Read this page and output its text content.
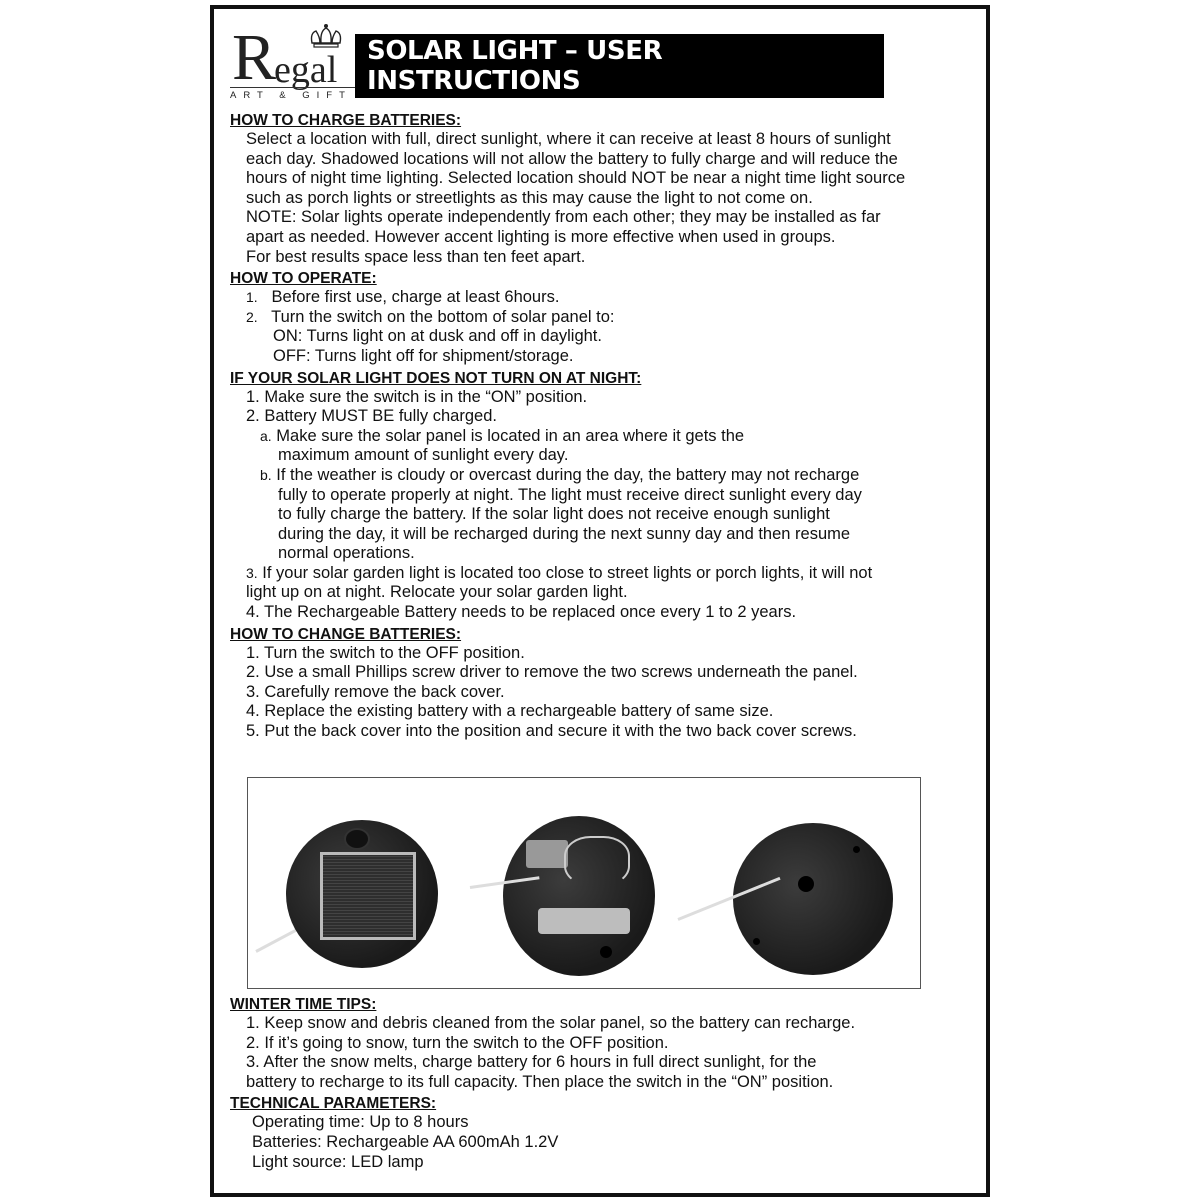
R egal
ART & GIFT
SOLAR LIGHT – USER INSTRUCTIONS

HOW TO CHARGE BATTERIES:

Select a location with full, direct sunlight, where it can receive at least 8 hours of sunlight

each day. Shadowed locations will not allow the battery to fully charge and will reduce the

hours of night time lighting. Selected location should NOT be near a night time light source

such as porch lights or streetlights as this may cause the light to not come on.

NOTE: Solar lights operate independently from each other; they may be installed as far

apart as needed. However accent lighting is more effective when used in groups.

For best results space less than ten feet apart.

HOW TO OPERATE:

1. Before first use, charge at least 6hours.

2. Turn the switch on the bottom of solar panel to:

ON: Turns light on at dusk and off in daylight.

OFF: Turns light off for shipment/storage.

IF YOUR SOLAR LIGHT DOES NOT TURN ON AT NIGHT:

1. Make sure the switch is in the “ON” position.

2. Battery MUST BE fully charged.

a. Make sure the solar panel is located in an area where it gets the

maximum amount of sunlight every day.

b. If the weather is cloudy or overcast during the day, the battery may not recharge

fully to operate properly at night. The light must receive direct sunlight every day

to fully charge the battery. If the solar light does not receive enough sunlight

during the day, it will be recharged during the next sunny day and then resume

normal operations.

3. If your solar garden light is located too close to street lights or porch lights, it will not

light up on at night. Relocate your solar garden light.

4. The Rechargeable Battery needs to be replaced once every 1 to 2 years.

HOW TO CHANGE BATTERIES:

1. Turn the switch to the OFF position.

2. Use a small Phillips screw driver to remove the two screws underneath the panel.

3. Carefully remove the back cover.

4. Replace the existing battery with a rechargeable battery of same size.

5. Put the back cover into the position and secure it with the two back cover screws.

WINTER TIME TIPS:

1. Keep snow and debris cleaned from the solar panel, so the battery can recharge.

2. If it’s going to snow, turn the switch to the OFF position.

3. After the snow melts, charge battery for 6 hours in full direct sunlight, for the

battery to recharge to its full capacity. Then place the switch in the “ON” position.

TECHNICAL PARAMETERS:

Operating time: Up to 8 hours

Batteries: Rechargeable AA 600mAh 1.2V

Light source: LED lamp
